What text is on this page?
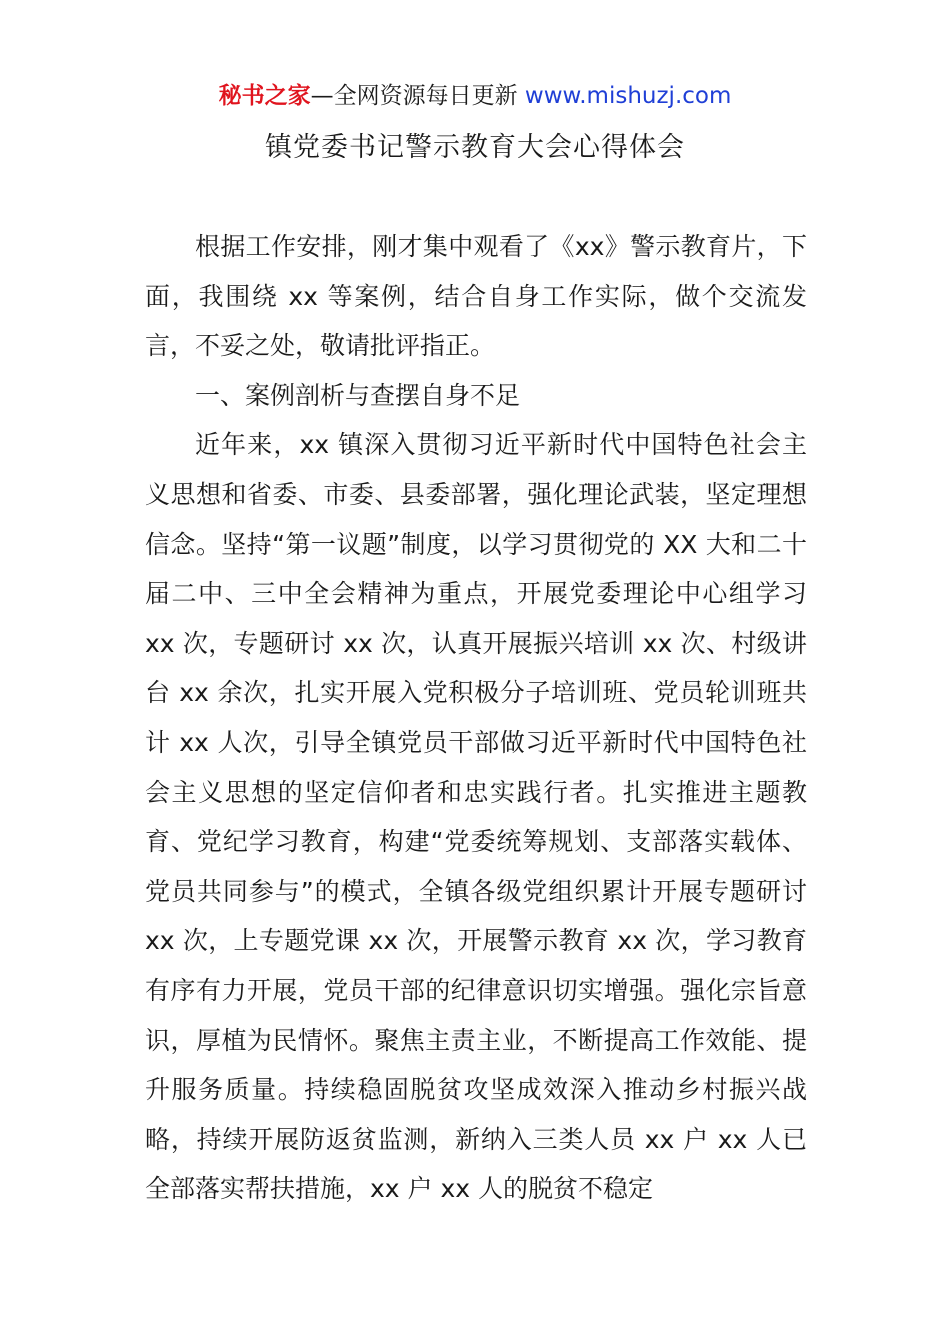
秘书之家—全网资源每日更新 www.mishuzj.com
镇党委书记警示教育大会心得体会

根据工作安排，刚才集中观看了《xx》警示教育片，下面，我围绕 xx 等案例，结合自身工作实际，做个交流发言，不妥之处，敬请批评指正。

一、案例剖析与查摆自身不足

近年来，xx 镇深入贯彻习近平新时代中国特色社会主义思想和省委、市委、县委部署，强化理论武装，坚定理想信念。坚持“第一议题”制度，以学习贯彻党的 XX 大和二十届二中、三中全会精神为重点，开展党委理论中心组学习 xx 次，专题研讨 xx 次，认真开展振兴培训 xx 次、村级讲台 xx 余次，扎实开展入党积极分子培训班、党员轮训班共计 xx 人次，引导全镇党员干部做习近平新时代中国特色社会主义思想的坚定信仰者和忠实践行者。扎实推进主题教育、党纪学习教育，构建“党委统筹规划、支部落实载体、党员共同参与”的模式，全镇各级党组织累计开展专题研讨 xx 次，上专题党课 xx 次，开展警示教育 xx 次，学习教育有序有力开展，党员干部的纪律意识切实增强。强化宗旨意识，厚植为民情怀。聚焦主责主业，不断提高工作效能、提升服务质量。持续稳固脱贫攻坚成效深入推动乡村振兴战略，持续开展防返贫监测，新纳入三类人员 xx 户 xx 人已全部落实帮扶措施，xx 户 xx 人的脱贫不稳定
